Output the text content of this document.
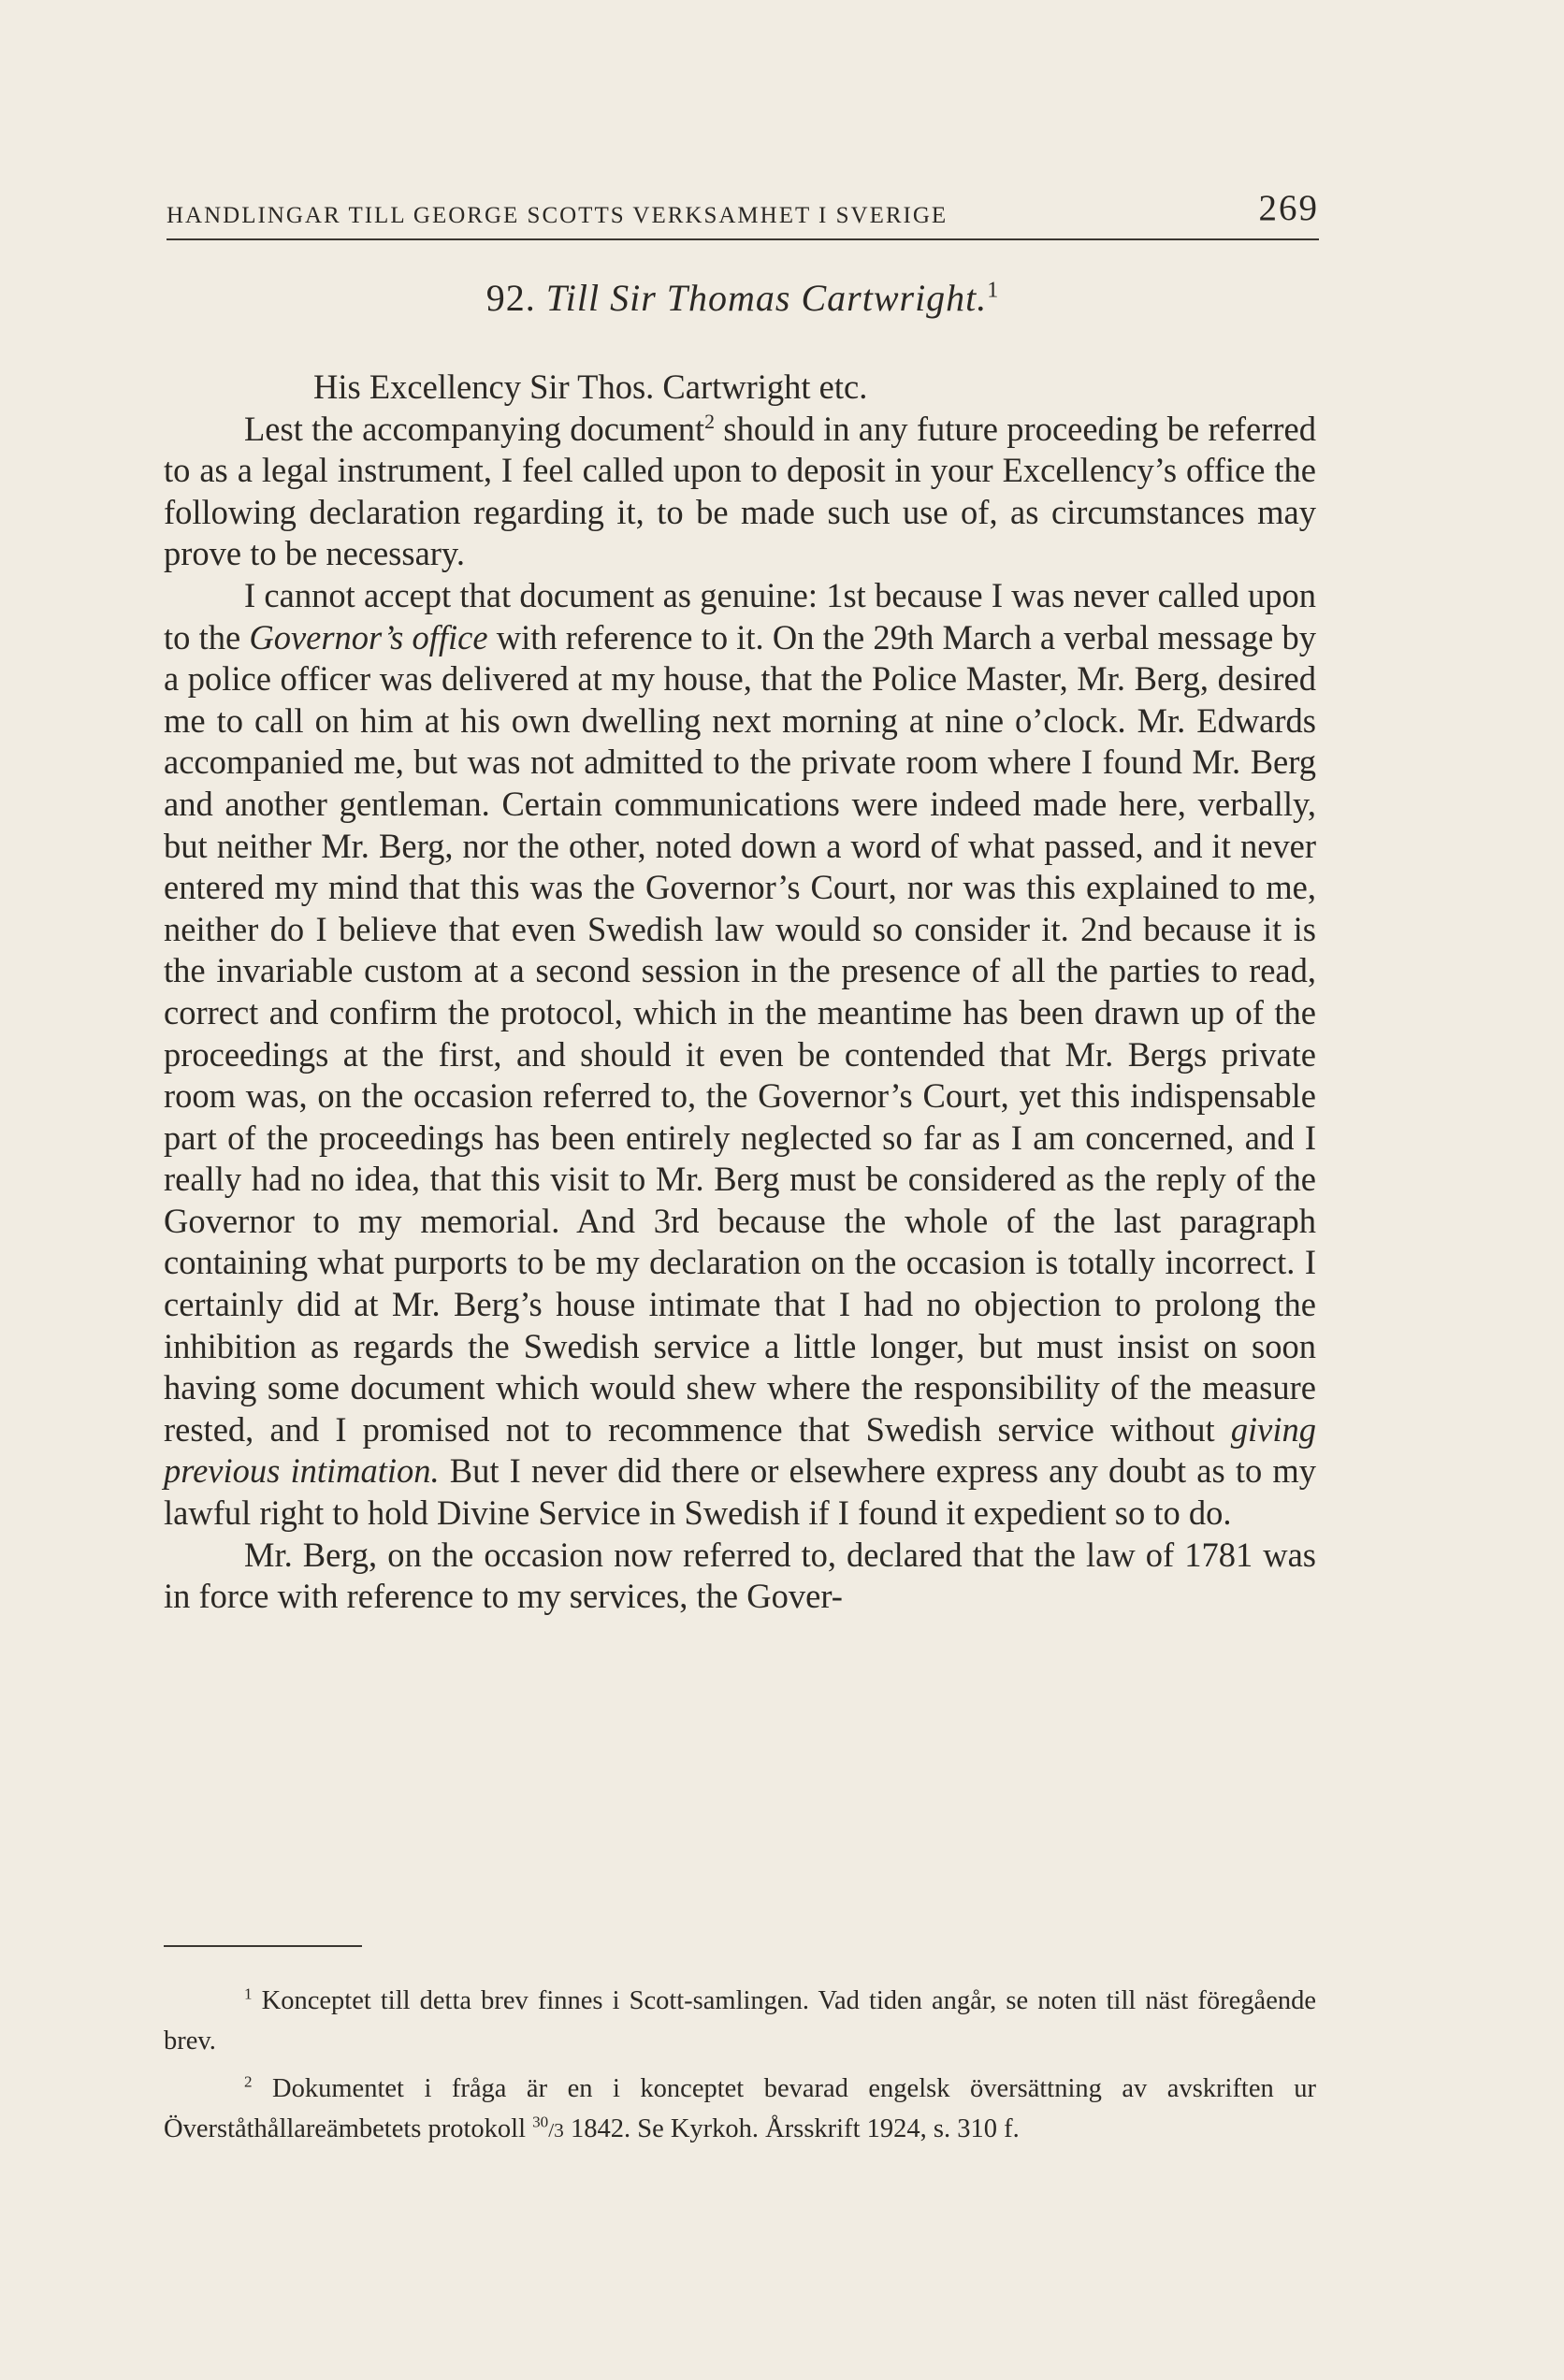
HANDLINGAR TILL GEORGE SCOTTS VERKSAMHET I SVERIGE	269
92. Till Sir Thomas Cartwright.$^1$

His Excellency Sir Thos. Cartwright etc.

Lest the accompanying document$^2$ should in any future proceeding be referred to as a legal instrument, I feel called upon to deposit in your Excellency’s office the following declaration regarding it, to be made such use of, as circumstances may prove to be necessary.

I cannot accept that document as genuine: 1st because I was never called upon to the Governor’s office with reference to it. On the 29th March a verbal message by a police officer was delivered at my house, that the Police Master, Mr. Berg, desired me to call on him at his own dwelling next morning at nine o’clock. Mr. Edwards accompanied me, but was not admitted to the private room where I found Mr. Berg and another gentleman. Certain communications were indeed made here, verbally, but neither Mr. Berg, nor the other, noted down a word of what passed, and it never entered my mind that this was the Governor’s Court, nor was this explained to me, neither do I believe that even Swedish law would so consider it. 2nd because it is the invariable custom at a second session in the presence of all the parties to read, correct and confirm the protocol, which in the meantime has been drawn up of the proceedings at the first, and should it even be contended that Mr. Bergs private room was, on the occasion referred to, the Governor’s Court, yet this indispensable part of the proceedings has been entirely neglected so far as I am concerned, and I really had no idea, that this visit to Mr. Berg must be considered as the reply of the Governor to my memorial. And 3rd because the whole of the last paragraph containing what purports to be my declaration on the occasion is totally incorrect. I certainly did at Mr. Berg’s house intimate that I had no objection to prolong the inhibition as regards the Swedish service a little longer, but must insist on soon having some document which would shew where the responsibility of the measure rested, and I promised not to recommence that Swedish service without giving previous intimation. But I never did there or elsewhere express any doubt as to my lawful right to hold Divine Service in Swedish if I found it expedient so to do.

Mr. Berg, on the occasion now referred to, declared that the law of 1781 was in force with reference to my services, the Gover-

$^1$ Konceptet till detta brev finnes i Scott-samlingen. Vad tiden angår, se noten till näst föregående brev.

$^2$ Dokumentet i fråga är en i konceptet bevarad engelsk översättning av avskriften ur Överståthållareämbetets protokoll $^{30}$/3 1842. Se Kyrkoh. Årsskrift 1924, s. 310 f.
